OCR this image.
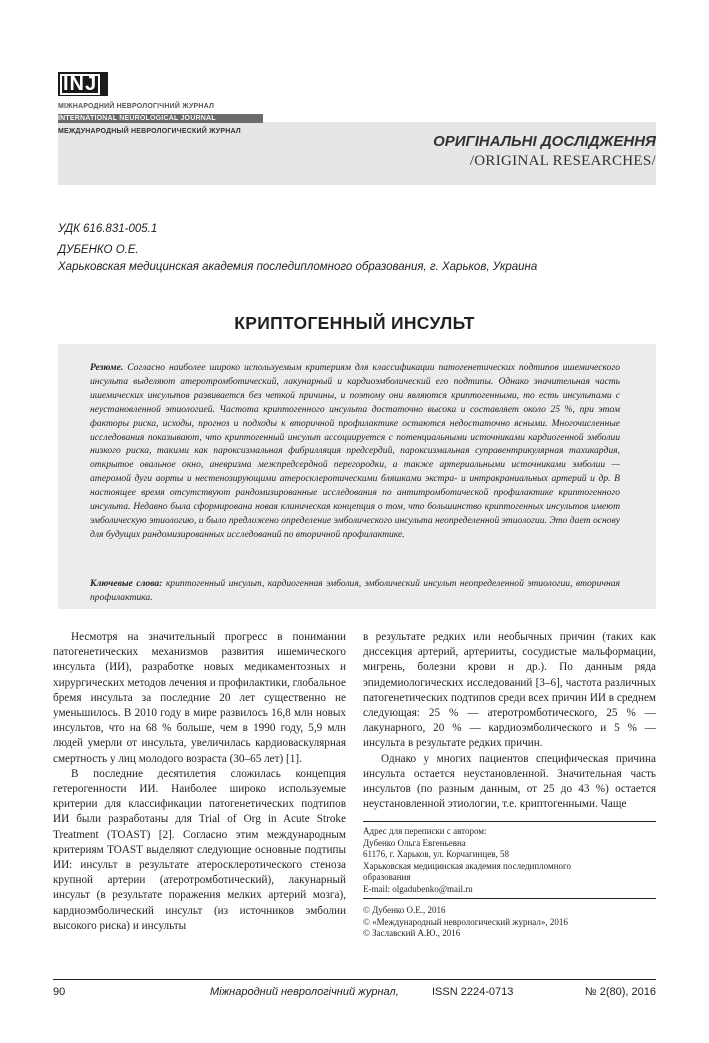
INJ
МІЖНАРОДНИЙ НЕВРОЛОГІЧНИЙ ЖУРНАЛ
INTERNATIONAL NEUROLOGICAL JOURNAL
МЕЖДУНАРОДНЫЙ НЕВРОЛОГИЧЕСКИЙ ЖУРНАЛ
ОРИГІНАЛЬНІ ДОСЛІДЖЕННЯ
/ORIGINAL RESEARCHES/
УДК 616.831-005.1
ДУБЕНКО О.Е.
Харьковская медицинская академия последипломного образования, г. Харьков, Украина
КРИПТОГЕННЫЙ ИНСУЛЬТ
Резюме. Согласно наиболее широко используемым критериям для классификации патогенетических подтипов ишемического инсульта выделяют атеротромботический, лакунарный и кардиоэмболический его подтипы. Однако значительная часть ишемических инсультов развивается без четкой причины, и поэтому они являются криптогенными, то есть инсультами с неустановленной этиологией. Частота криптогенного инсульта достаточно высока и составляет около 25 %, при этом факторы риска, исходы, прогноз и подходы к вторичной профилактике остаются недостаточно ясными. Многочисленные исследования показывают, что криптогенный инсульт ассоциируется с потенциальными источниками кардиогенной эмболии низкого риска, такими как пароксизмальная фибрилляция предсердий, пароксизмальная суправентрикулярная тахикардия, открытое овальное окно, аневризма межпредсердной перегородки, а также артериальными источниками эмболии — атеромой дуги аорты и нестенозирующими атеросклеротическими бляшками экстра- и интракраниальных артерий и др. В настоящее время отсутствуют рандомизированные исследования по антитромботической профилактике криптогенного инсульта. Недавно была сформирована новая клиническая концепция о том, что большинство криптогенных инсультов имеют эмболическую этиологию, и было предложено определение эмболического инсульта неопределенной этиологии. Это дает основу для будущих рандомизированных исследований по вторичной профилактике.
Ключевые слова: криптогенный инсульт, кардиогенная эмболия, эмболический инсульт неопределенной этиологии, вторичная профилактика.

Несмотря на значительный прогресс в понимании патогенетических механизмов развития ишемического инсульта (ИИ), разработке новых медикаментозных и хирургических методов лечения и профилактики, глобальное бремя инсульта за последние 20 лет существенно не уменьшилось. В 2010 году в мире развилось 16,8 млн новых инсультов, что на 68 % больше, чем в 1990 году, 5,9 млн людей умерли от инсульта, увеличилась кардиоваскулярная смертность у лиц молодого возраста (30–65 лет) [1].

В последние десятилетия сложилась концепция гетерогенности ИИ. Наиболее широко используемые критерии для классификации патогенетических подтипов ИИ были разработаны для Trial of Org in Acute Stroke Treatment (TOAST) [2]. Согласно этим международным критериям TOAST выделяют следующие основные подтипы ИИ: инсульт в результате атеросклеротического стеноза крупной артерии (атеротромботический), лакунарный инсульт (в результате поражения мелких артерий мозга), кардиоэмболический инсульт (из источников эмболии высокого риска) и инсульты

в результате редких или необычных причин (таких как диссекция артерий, артерииты, сосудистые мальформации, мигрень, болезни крови и др.). По данным ряда эпидемиологических исследований [3–6], частота различных патогенетических подтипов среди всех причин ИИ в среднем следующая: 25 % — атеротромботического, 25 % — лакунарного, 20 % — кардиоэмболического и 5 % — инсульта в результате редких причин.

Однако у многих пациентов специфическая причина инсульта остается неустановленной. Значительная часть инсультов (по разным данным, от 25 до 43 %) остается неустановленной этиологии, т.е. криптогенными. Чаще

Адрес для переписки с автором:
Дубенко Ольга Евгеньевна
61176, г. Харьков, ул. Корчагинцев, 58
Харьковская медицинская академия последипломного
образования
E-mail: olgadubenko@mail.ru
© Дубенко О.Е., 2016
© «Международный неврологический журнал», 2016
© Заславский А.Ю., 2016
90	Міжнародний неврологічний журнал,	ISSN 2224-0713	№ 2(80), 2016
